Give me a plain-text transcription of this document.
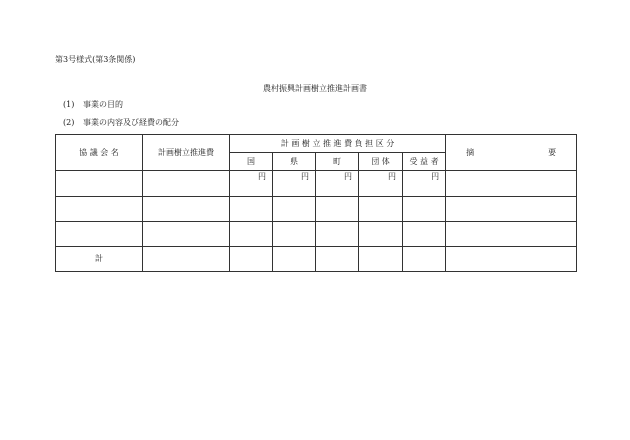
第3号様式(第3条関係)
農村振興計画樹立推進計画書
(1) 事業の目的
(2) 事業の内容及び経費の配分
協 議 会 名	計画樹立推進費	計 画 樹 立 推 進 費 負 担 区 分					摘 要

		国	県	町	団 体	受 益 者	
		円	円	円	円	円	

計							
